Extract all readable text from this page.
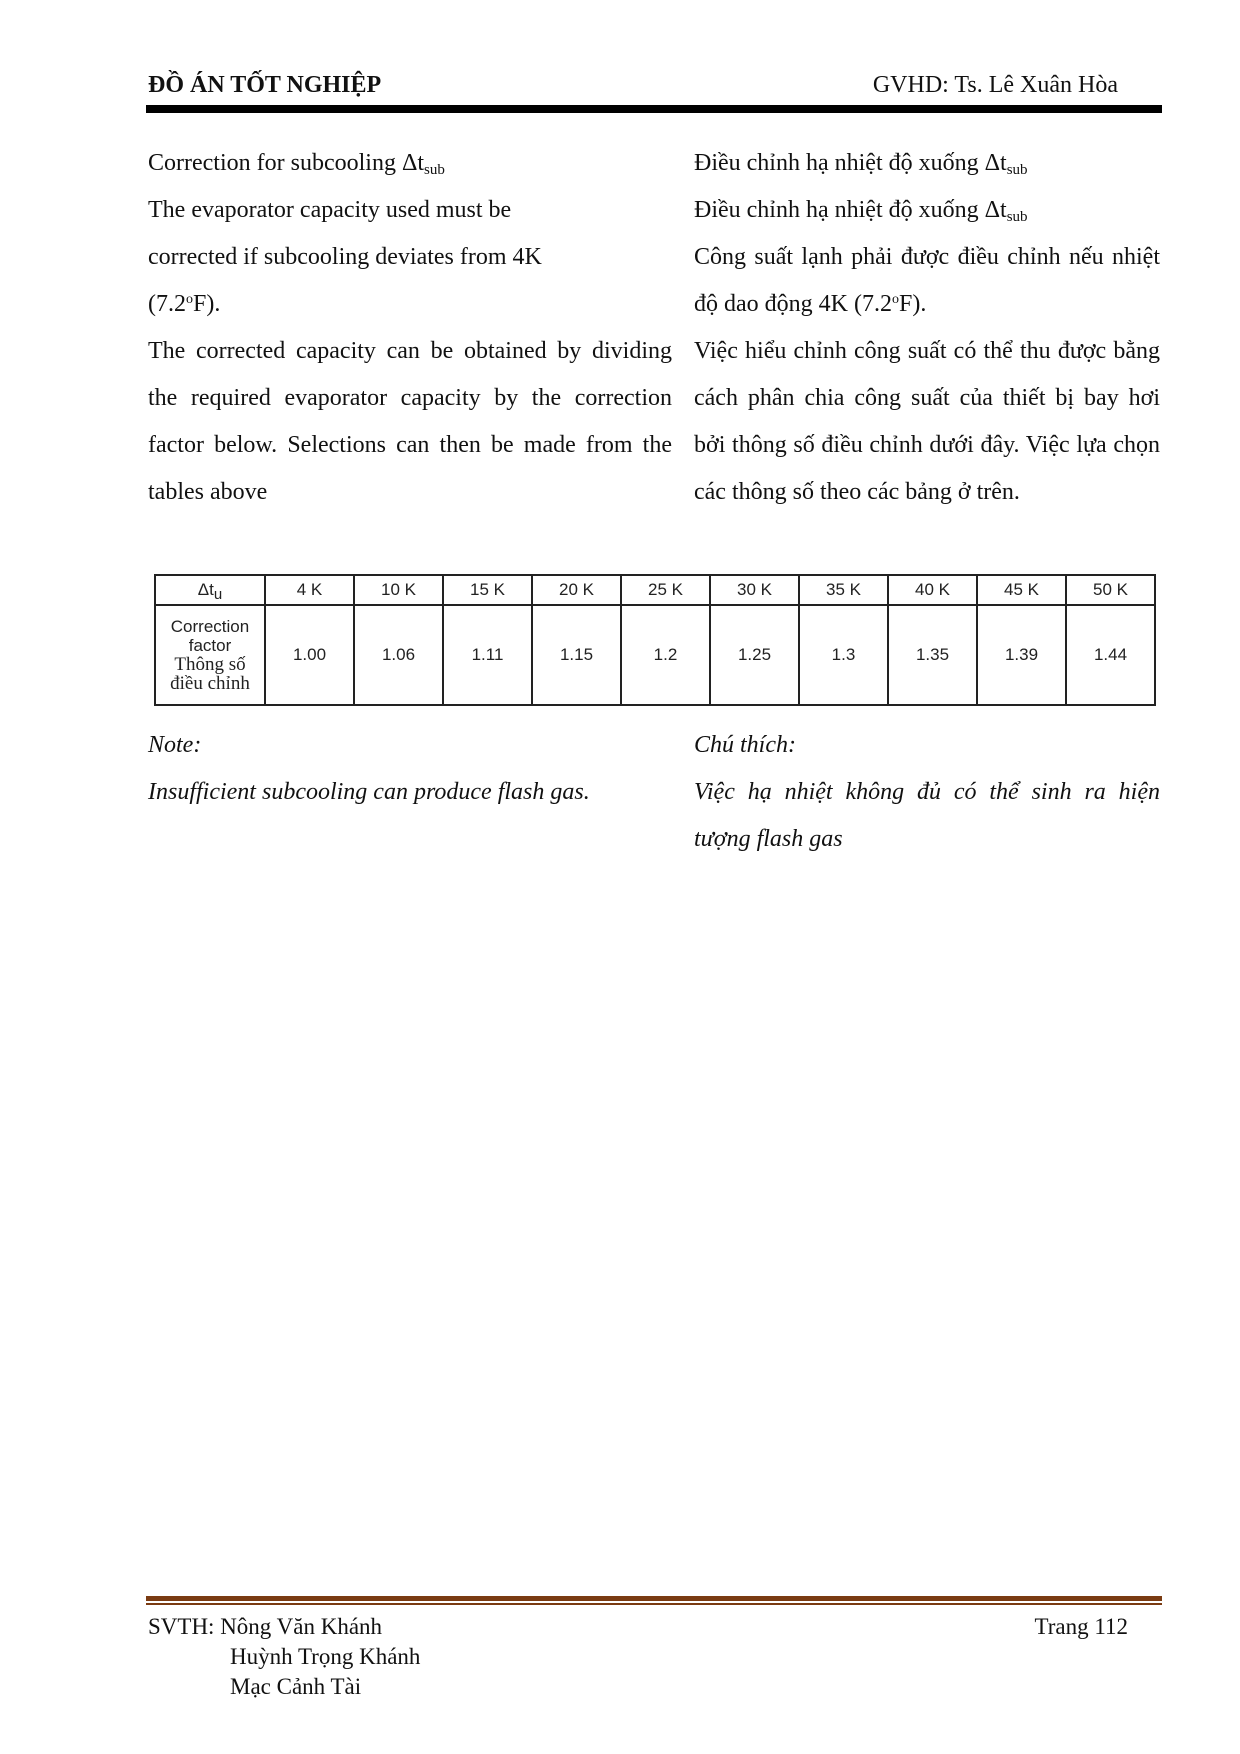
ĐỒ ÁN TỐT NGHIỆP	GVHD: Ts. Lê Xuân Hòa

Correction for subcooling $\Delta t_{sub}$

The evaporator capacity used must be
corrected if subcooling deviates from 4K
(7.2$^o$F).

The corrected capacity can be obtained by dividing the required evaporator capacity by the correction factor below. Selections can then be made from the tables above

Điều chỉnh hạ nhiệt độ xuống $\Delta t_{sub}$

Điều chỉnh hạ nhiệt độ xuống $\Delta t_{sub}$

Công suất lạnh phải được điều chỉnh nếu nhiệt độ dao động 4K (7.2$^o$F).

Việc hiểu chỉnh công suất có thể thu được bằng cách phân chia công suất của thiết bị bay hơi bởi thông số điều chỉnh dưới đây. Việc lựa chọn các thông số theo các bảng ở trên.

$\Delta t_u$	4 K	10 K	15 K	20 K	25 K	30 K	35 K	40 K	45 K	50 K
Correction
factor
Thông số
điều chỉnh	1.00	1.06	1.11	1.15	1.2	1.25	1.3	1.35	1.39	1.44

Note:

Insufficient subcooling can produce flash gas.

Chú thích:

Việc hạ nhiệt không đủ có thể sinh ra hiện tượng flash gas

SVTH: Nông Văn Khánh
Huỳnh Trọng Khánh
Mạc Cảnh Tài
Trang 112
